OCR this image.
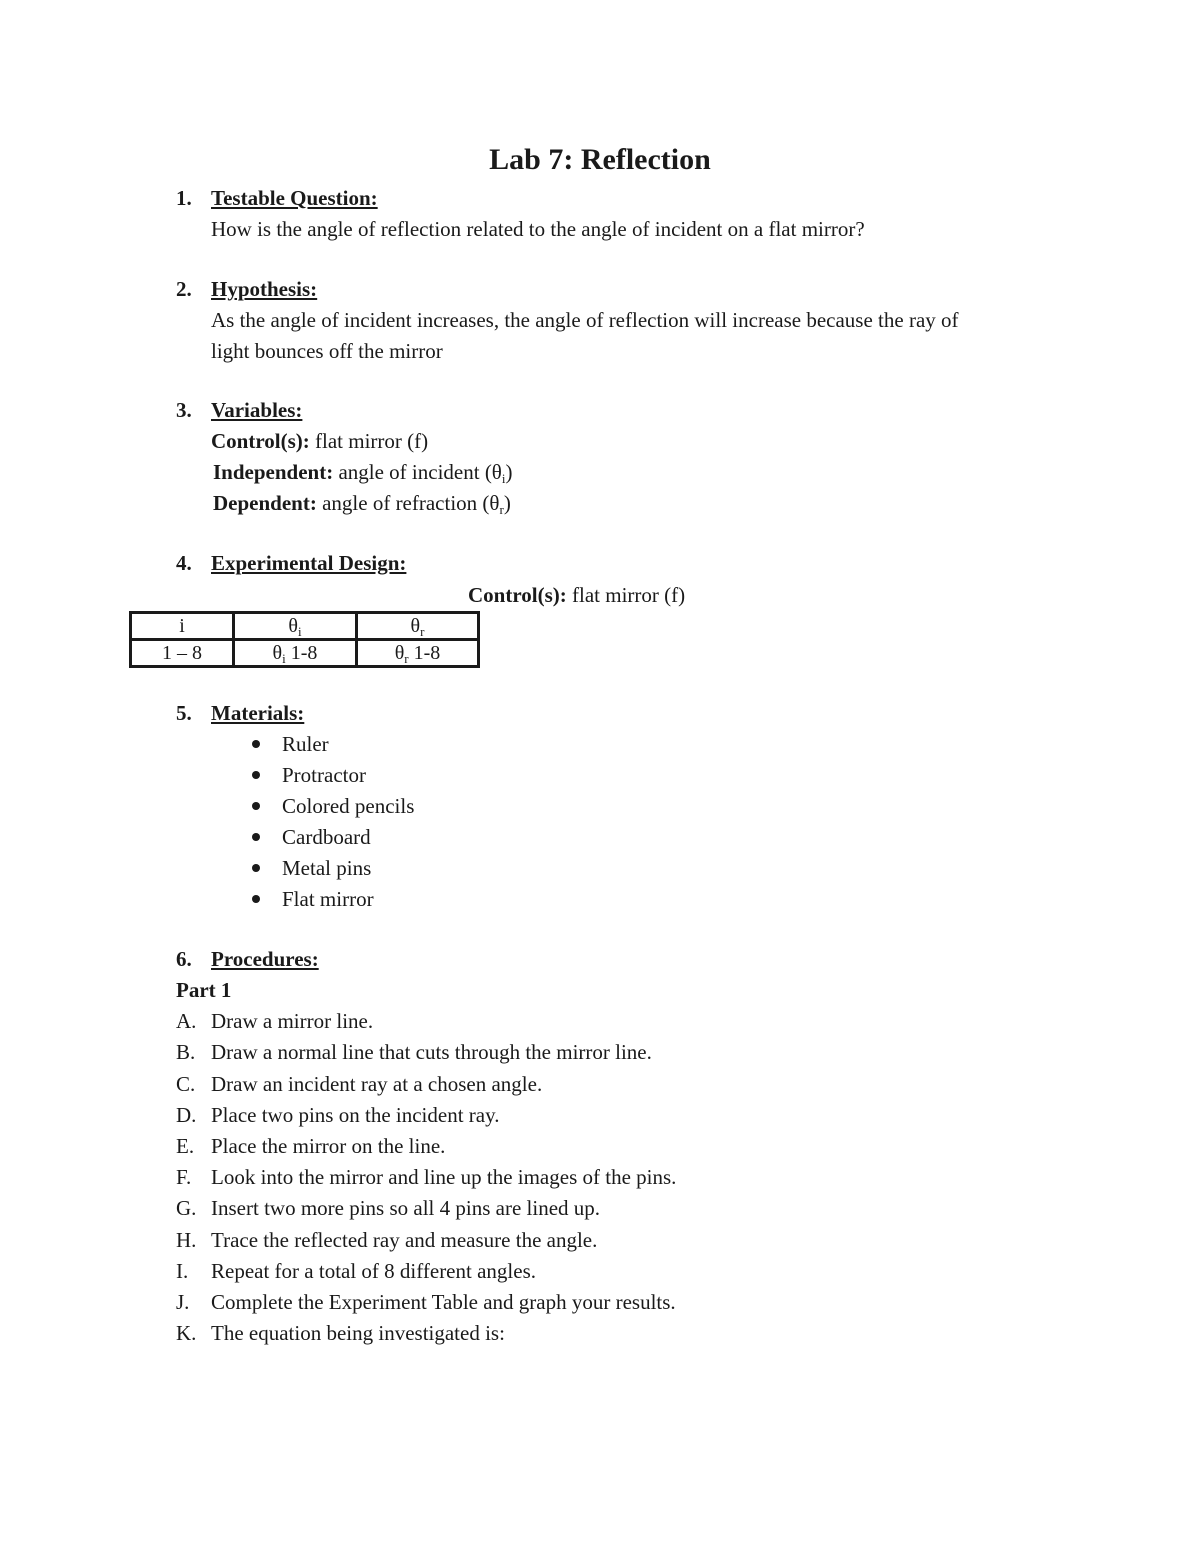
Lab 7: Reflection
1. Testable Question:
How is the angle of reflection related to the angle of incident on a flat mirror?
2. Hypothesis:
As the angle of incident increases, the angle of reflection will increase because the ray of
light bounces off the mirror
3. Variables:
Control(s): flat mirror (f)
Independent: angle of incident $(\theta_i)$
Dependent: angle of refraction $(\theta_r)$
4. Experimental Design:
Control(s): flat mirror (f)
i	$\theta_i$	$\theta_r$
1 – 8	$\theta_i$ 1-8	$\theta_r$ 1-8
5. Materials:
Ruler
Protractor
Colored pencils
Cardboard
Metal pins
Flat mirror
6. Procedures:
Part 1
A. Draw a mirror line.
B. Draw a normal line that cuts through the mirror line.
C. Draw an incident ray at a chosen angle.
D. Place two pins on the incident ray.
E. Place the mirror on the line.
F. Look into the mirror and line up the images of the pins.
G. Insert two more pins so all 4 pins are lined up.
H. Trace the reflected ray and measure the angle.
I. Repeat for a total of 8 different angles.
J. Complete the Experiment Table and graph your results.
K. The equation being investigated is:
